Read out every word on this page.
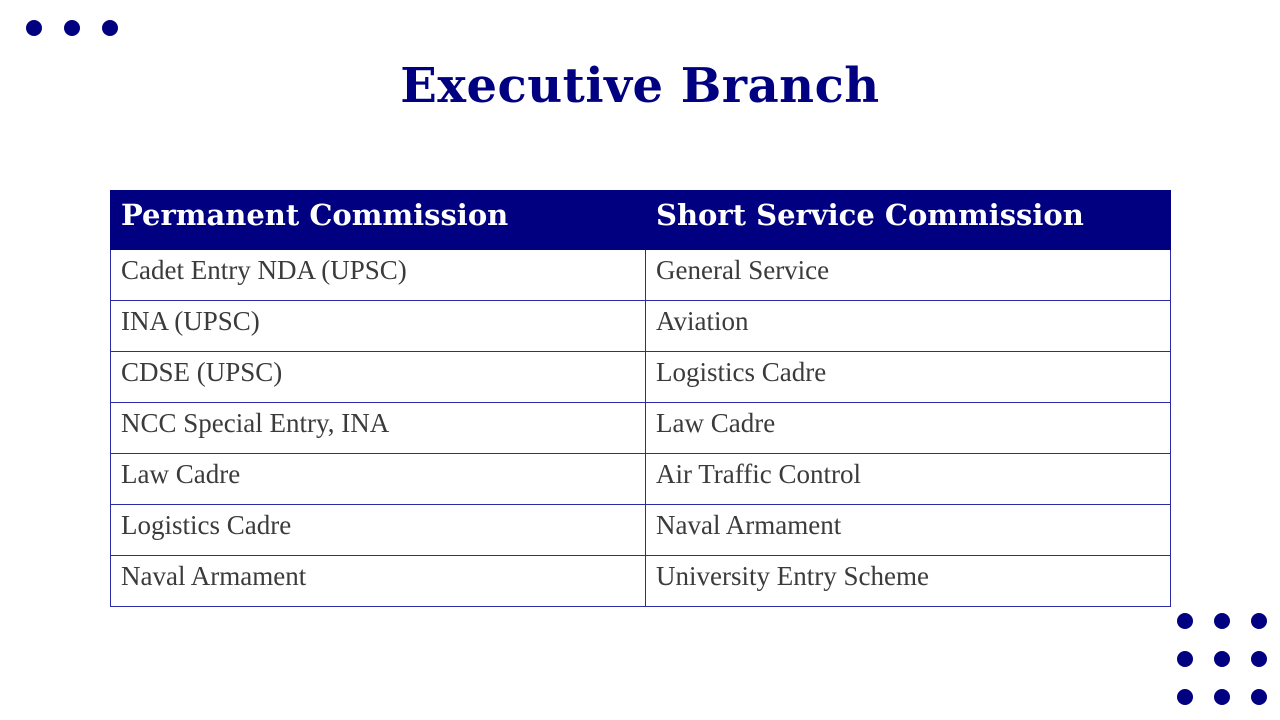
Executive Branch
Permanent Commission	Short Service Commission
Cadet Entry NDA (UPSC)	General Service
INA (UPSC)	Aviation
CDSE (UPSC)	Logistics Cadre
NCC Special Entry, INA	Law Cadre
Law Cadre	Air Traffic Control
Logistics Cadre	Naval Armament
Naval Armament	University Entry Scheme
